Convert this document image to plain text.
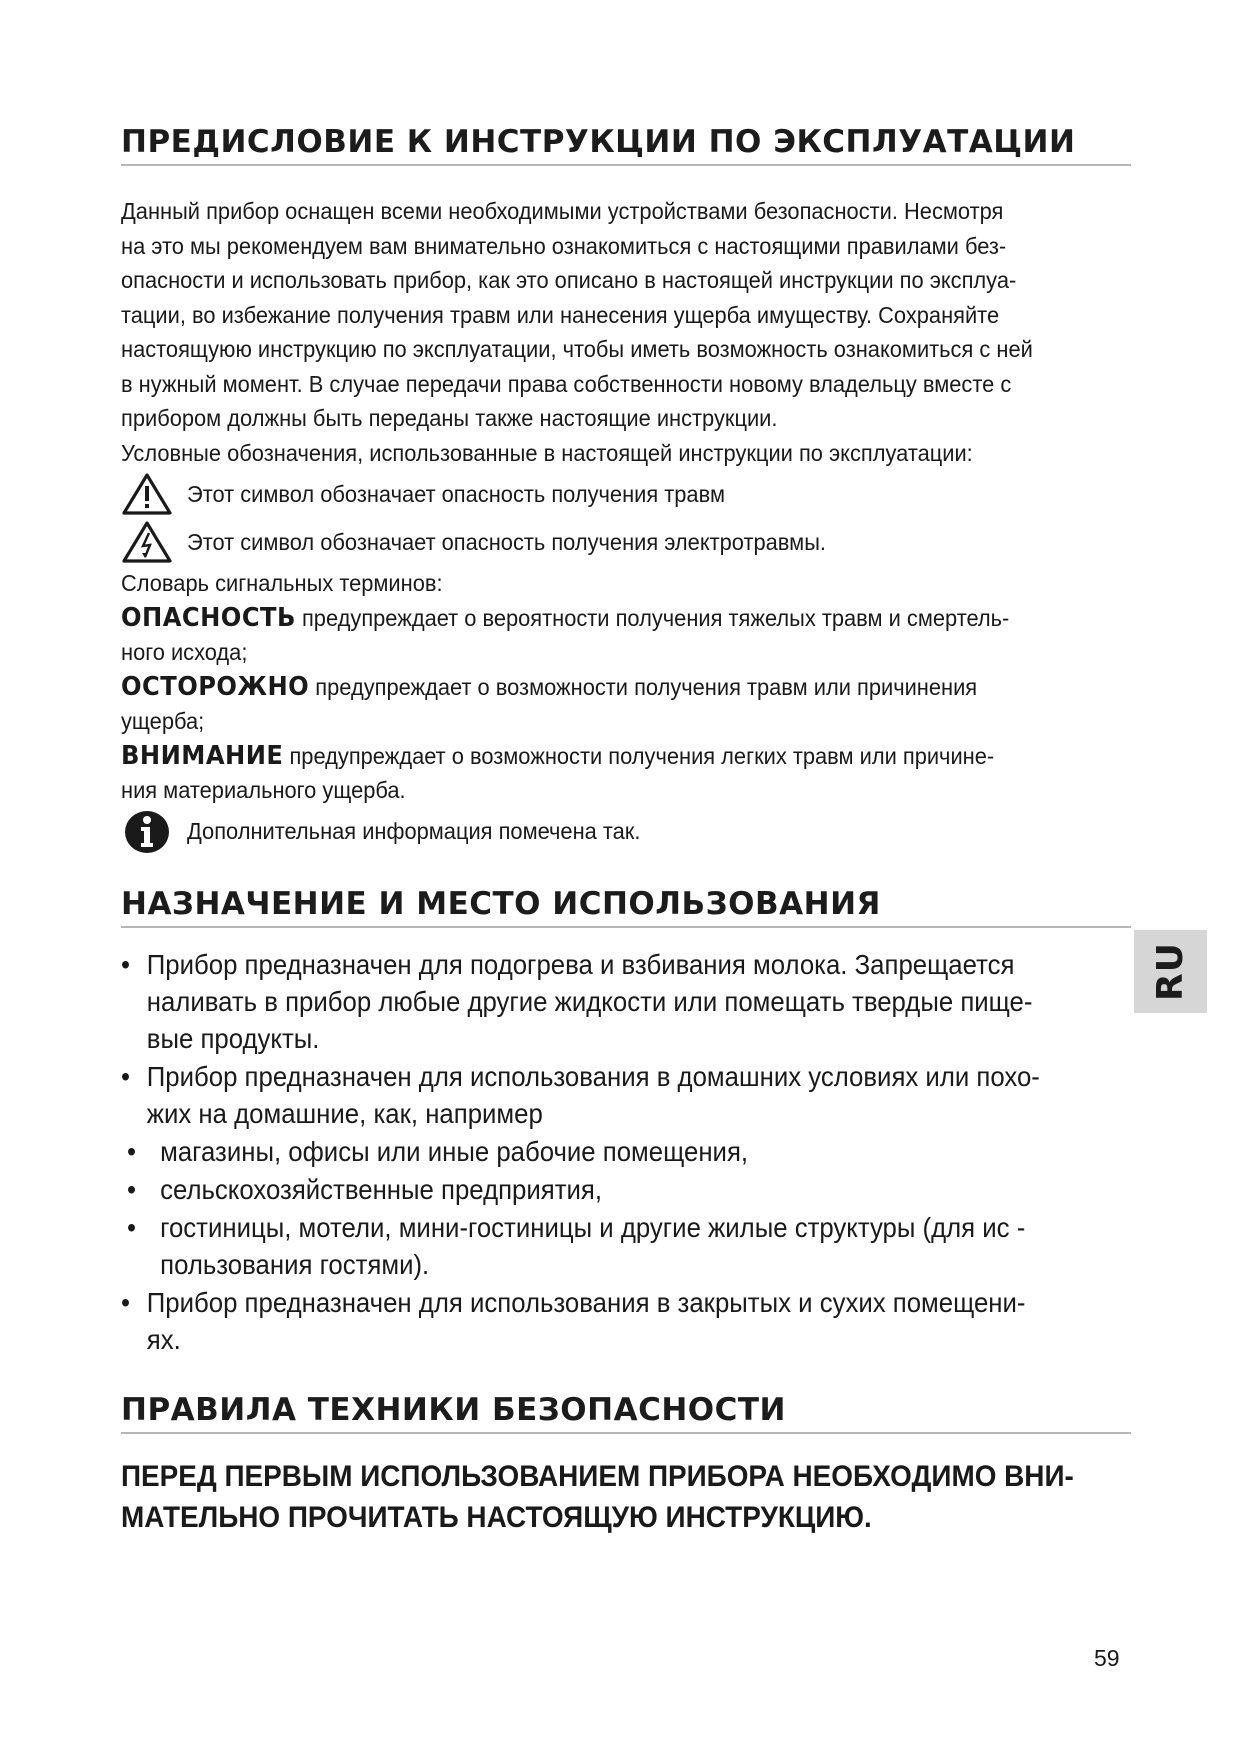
ПРЕДИСЛОВИЕ К ИНСТРУКЦИИ ПО ЭКСПЛУАТАЦИИ
Данный прибор оснащен всеми необходимыми устройствами безопасности. Несмотря
на это мы рекомендуем вам внимательно ознакомиться с настоящими правилами без-
опасности и использовать прибор, как это описано в настоящей инструкции по эксплуа-
тации, во избежание получения травм или нанесения ущерба имуществу. Сохраняйте
настоящуюю инструкцию по эксплуатации, чтобы иметь возможность ознакомиться с ней
в нужный момент. В случае передачи права собственности новому владельцу вместе с
прибором должны быть переданы также настоящие инструкции.
Условные обозначения, использованные в настоящей инструкции по эксплуатации:
Этот символ обозначает опасность получения травм
Этот символ обозначает опасность получения электротравмы.
Словарь сигнальных терминов:
ОПАСНОСТЬ предупреждает о вероятности получения тяжелых травм и смертель-
ного исхода;
ОСТОРОЖНО предупреждает о возможности получения травм или причинения
ущерба;
ВНИМАНИЕ предупреждает о возможности получения легких травм или причине-
ния материального ущерба.
Дополнительная информация помечена так.
НАЗНАЧЕНИЕ И МЕСТО ИСПОЛЬЗОВАНИЯ
• Прибор предназначен для подогрева и взбивания молока. Запрещается
наливать в прибор любые другие жидкости или помещать твердые пище-
вые продукты.
• Прибор предназначен для использования в домашних условиях или похо-
жих на домашние, как, например
• магазины, офисы или иные рабочие помещения,
• сельскохозяйственные предприятия,
• гостиницы, мотели, мини-гостиницы и другие жилые структуры (для ис -
пользования гостями).
• Прибор предназначен для использования в закрытых и сухих помещени-
ях.
ПРАВИЛА ТЕХНИКИ БЕЗОПАСНОСТИ
ПЕРЕД ПЕРВЫМ ИСПОЛЬЗОВАНИЕМ ПРИБОРА НЕОБХОДИМО ВНИ-
МАТЕЛЬНО ПРОЧИТАТЬ НАСТОЯЩУЮ ИНСТРУКЦИЮ.
RU
59
